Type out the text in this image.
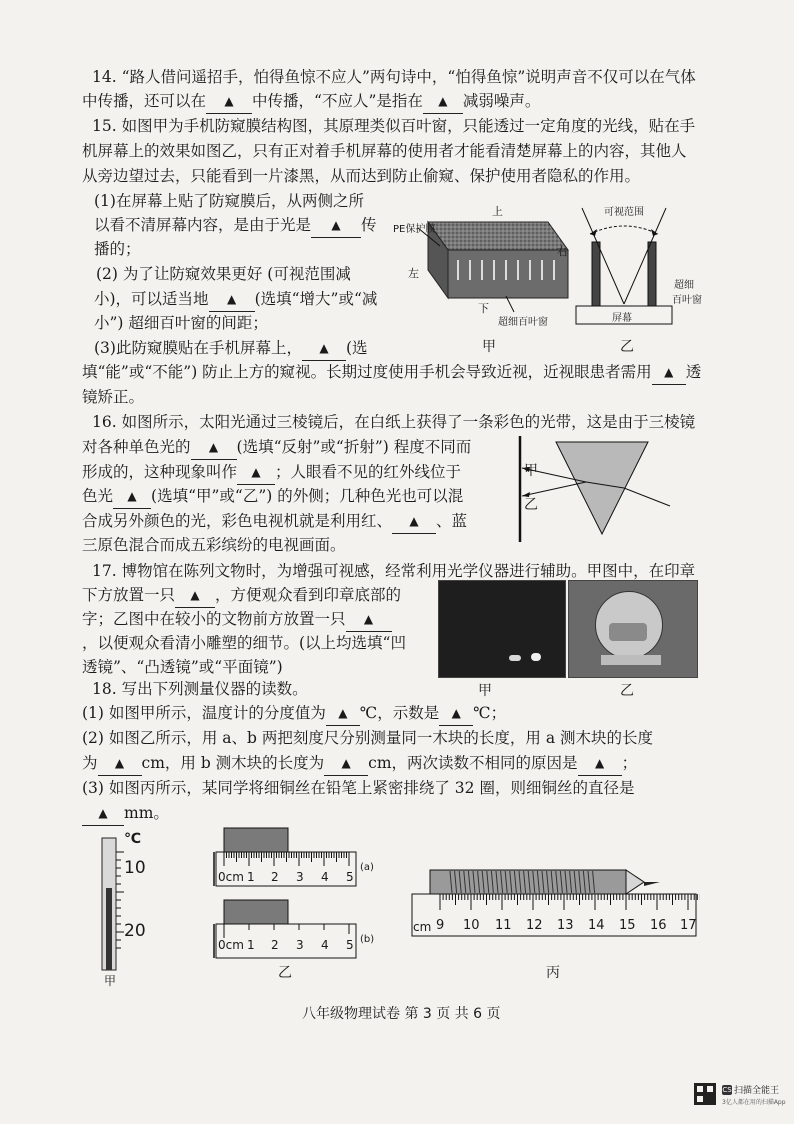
14. “路人借问遥招手，怕得鱼惊不应人”两句诗中，“怕得鱼惊”说明声音不仅可以在气体
中传播，还可以在 ▲ 中传播，“不应人”是指在 ▲ 减弱噪声。
15. 如图甲为手机防窥膜结构图，其原理类似百叶窗，只能透过一定角度的光线，贴在手
机屏幕上的效果如图乙，只有正对着手机屏幕的使用者才能看清楚屏幕上的内容，其他人
从旁边望过去，只能看到一片漆黑，从而达到防止偷窥、保护使用者隐私的作用。
(1)在屏幕上贴了防窥膜后，从两侧之所
以看不清屏幕内容，是由于光是 ▲ 传
播的；
(2) 为了让防窥效果更好 (可视范围减
小)，可以适当地 ▲ (选填“增大”或“减
小”) 超细百叶窗的间距；
(3)此防窥膜贴在手机屏幕上， ▲ (选
填“能”或“不能”) 防止上方的窥视。长期过度使用手机会导致近视，近视眼患者需用 ▲ 透
镜矫正。
上
PE保护膜
右
左
下
超细百叶窗
甲
可视范围
超细
百叶窗
屏幕
乙
16. 如图所示，太阳光通过三棱镜后，在白纸上获得了一条彩色的光带，这是由于三棱镜
对各种单色光的 ▲ (选填“反射”或“折射”) 程度不同而
形成的，这种现象叫作 ▲ ；人眼看不见的红外线位于
色光 ▲ (选填“甲”或“乙”) 的外侧；几种色光也可以混
合成另外颜色的光，彩色电视机就是利用红、 ▲ 、蓝
三原色混合而成五彩缤纷的电视画面。
甲
乙
17. 博物馆在陈列文物时，为增强可视感，经常利用光学仪器进行辅助。甲图中，在印章
下方放置一只 ▲ ，方便观众看到印章底部的
字；乙图中在较小的文物前方放置一只 ▲
，以便观众看清小雕塑的细节。(以上均选填“凹
透镜”、“凸透镜”或“平面镜”)
甲	乙
18. 写出下列测量仪器的读数。
(1) 如图甲所示，温度计的分度值为 ▲ ℃，示数是 ▲ ℃；
(2) 如图乙所示，用 a、b 两把刻度尺分别测量同一木块的长度，用 a 测木块的长度
为 ▲ cm，用 b 测木块的长度为 ▲ cm，两次读数不相同的原因是 ▲ ；
(3) 如图丙所示，某同学将细铜丝在铅笔上紧密排绕了 32 圈，则细铜丝的直径是
▲ mm。
℃
10
20
甲
0cm 1 2 3 4 5
(a)
0cm 1 2 3 4 5 (b)
乙
cm 9 10 11 12 13 14 15 16 17
丙
八年级物理试卷 第 3 页 共 6 页
CS 扫描全能王
3亿人都在用的扫描App
